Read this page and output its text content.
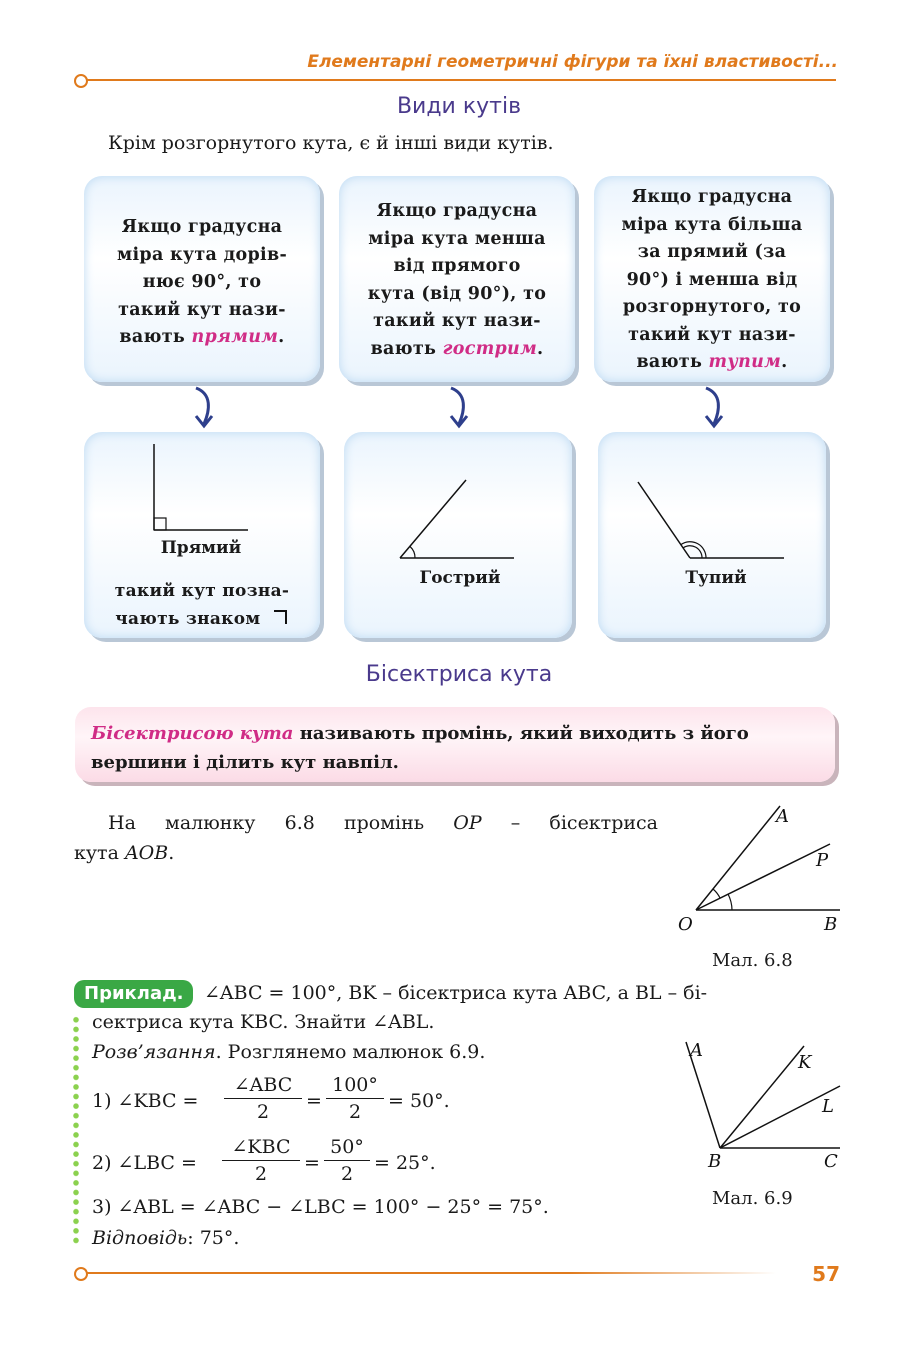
Елементарні геометричні фігури та їхні властивості...
Види кутів
Крім розгорнутого кута, є й інші види кутів.
Якщо градусна
міра кута дорів-
нює 90°, то
такий кут нази-
вають прямим.
Якщо градусна
міра кута менша
від прямого
кута (від 90°), то
такий кут нази-
вають гострим.
Якщо градусна
міра кута більша
за прямий (за
90°) і менша від
розгорнутого, то
такий кут нази-
вають тупим.
Прямий
такий кут позна-
чають знаком
Гострий	Тупий
Бісектриса кута
Бісектрисою кута називають промінь, який виходить з його
вершини і ділить кут навпіл.
На малюнку 6.8 промінь OP – бісектриса
кута AOB.
A
P
O	B
Мал. 6.8
Приклад.	∠ABC = 100°, BK – бісектриса кута ABC, а BL – бі-
сектриса кута KBC. Знайти ∠ABL.
Розв’язання. Розглянемо малюнок 6.9.
1) ∠KBC =
∠ABC
2	= $\frac{100^\circ}{2} = 50^\circ$.
2) ∠LBC =
∠KBC
2	= $\frac{50^\circ}{2} = 25^\circ$.
3) ∠ABL = ∠ABC − ∠LBC = 100° − 25° = 75°.
Відповідь: 75°.
A
K
L
B	C
Мал. 6.9
57
